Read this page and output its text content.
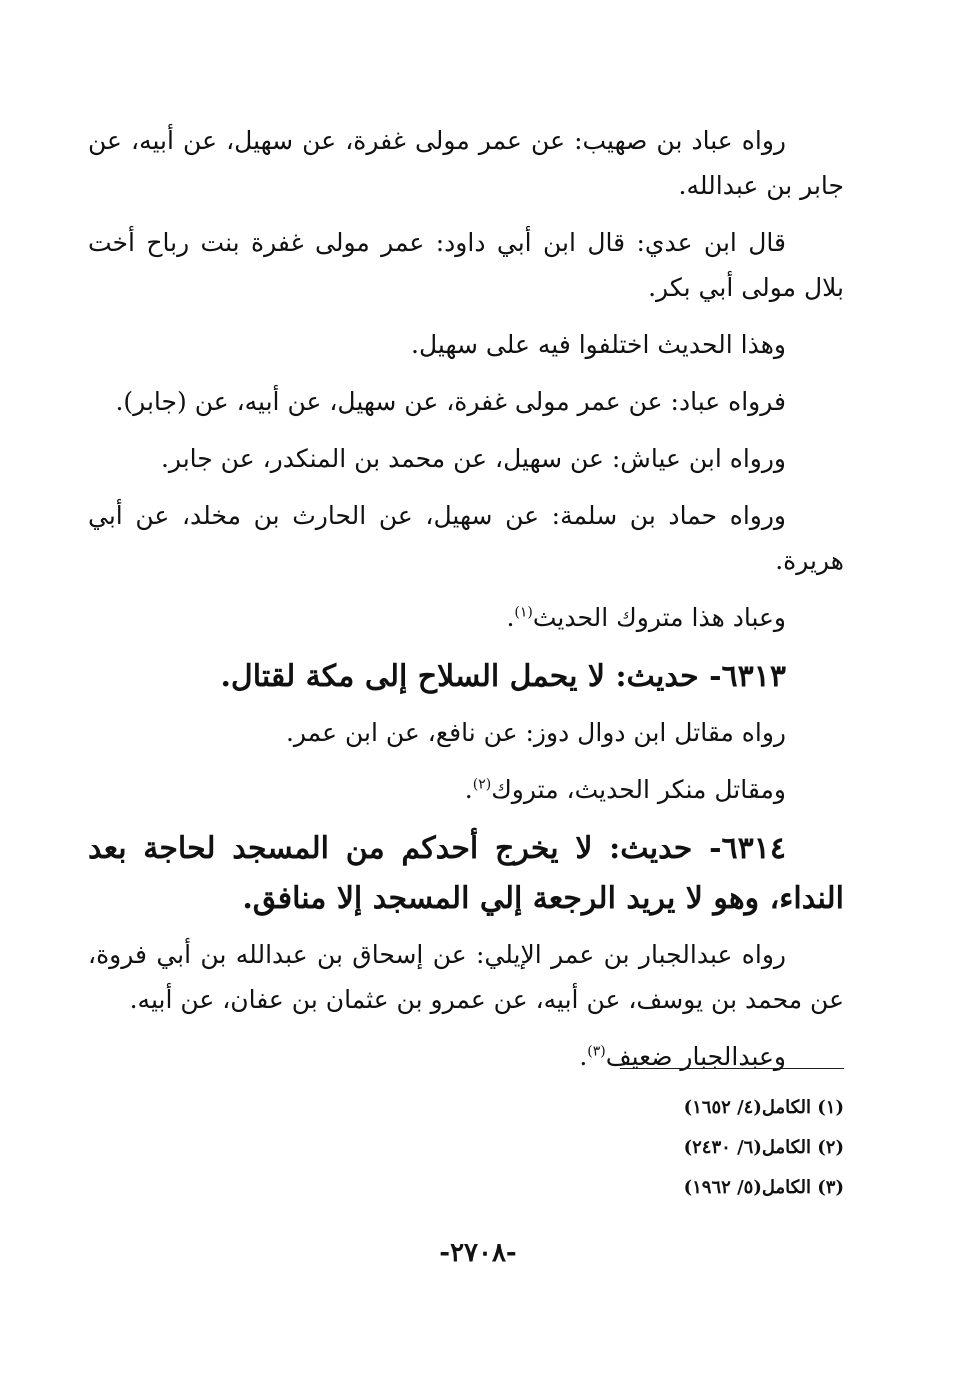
رواه عباد بن صهيب: عن عمر مولى غفرة، عن سهيل، عن أبيه، عن جابر بن عبدالله.

قال ابن عدي: قال ابن أبي داود: عمر مولى غفرة بنت رباح أخت بلال مولى أبي بكر.

وهذا الحديث اختلفوا فيه على سهيل.

فرواه عباد: عن عمر مولى غفرة، عن سهيل، عن أبيه، عن (جابر).

ورواه ابن عياش: عن سهيل، عن محمد بن المنكدر، عن جابر.

ورواه حماد بن سلمة: عن سهيل، عن الحارث بن مخلد، عن أبي هريرة.

وعباد هذا متروك الحديث$^{(١)}$.

٦٣١٣- حديث: لا يحمل السلاح إلى مكة لقتال.

رواه مقاتل ابن دوال دوز: عن نافع، عن ابن عمر.

ومقاتل منكر الحديث، متروك$^{(٢)}$.

٦٣١٤- حديث: لا يخرج أحدكم من المسجد لحاجة بعد النداء، وهو لا يريد الرجعة إلي المسجد إلا منافق.

رواه عبدالجبار بن عمر الإيلي: عن إسحاق بن عبدالله بن أبي فروة، عن محمد بن يوسف، عن أبيه، عن عمرو بن عثمان بن عفان، عن أبيه.

وعبدالجبار ضعيف$^{(٣)}$.

(١) الكامل(٤/ ١٦٥٢)
(٢) الكامل(٦/ ٢٤٣٠)
(٣) الكامل(٥/ ١٩٦٢)
-٢٧٠٨-
